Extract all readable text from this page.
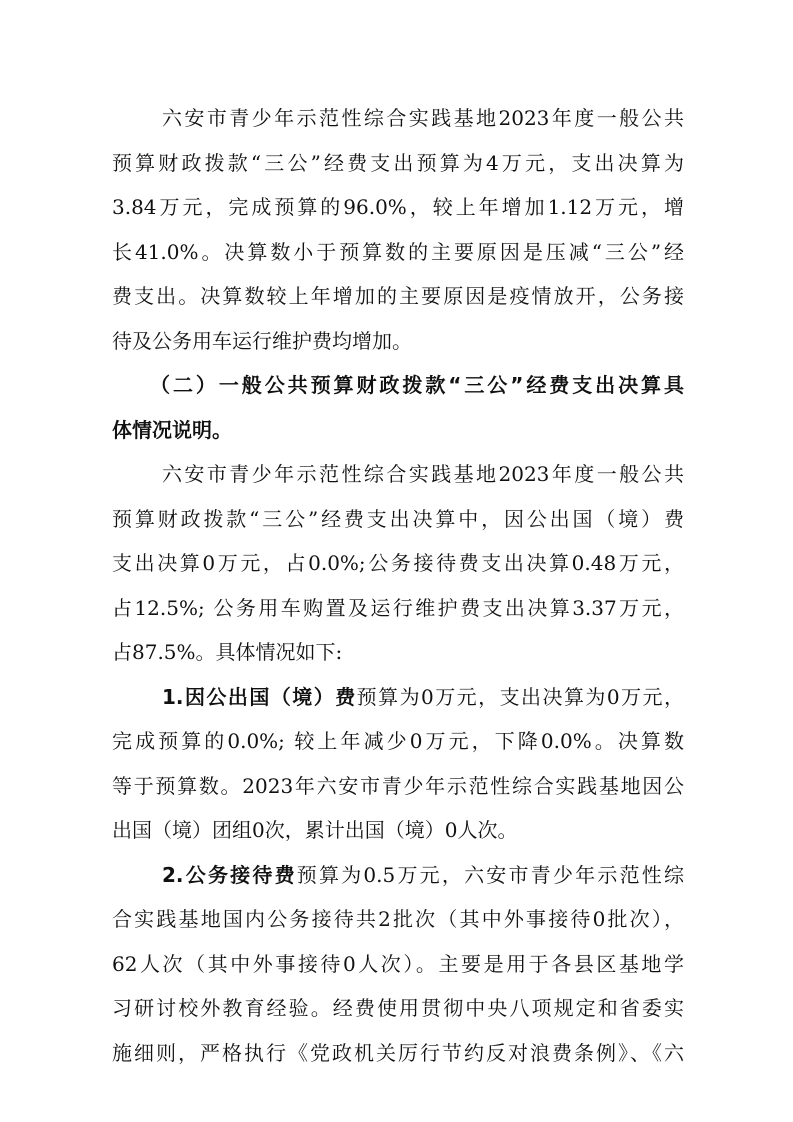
六安市青少年示范性综合实践基地2023年度一般公共
预算财政拨款“三公”经费支出预算为4万元，支出决算为
3.84万元，完成预算的96.0%，较上年增加1.12万元，增
长41.0%。决算数小于预算数的主要原因是压减“三公”经
费支出。决算数较上年增加的主要原因是疫情放开，公务接
待及公务用车运行维护费均增加。
（二）一般公共预算财政拨款“三公”经费支出决算具
体情况说明。
六安市青少年示范性综合实践基地2023年度一般公共
预算财政拨款“三公”经费支出决算中，因公出国（境）费
支出决算0万元，占0.0%;公务接待费支出决算0.48万元，
占12.5%; 公务用车购置及运行维护费支出决算3.37万元，
占87.5%。具体情况如下:
1.因公出国（境）费预算为0万元，支出决算为0万元，
完成预算的0.0%; 较上年减少0万元，下降0.0%。决算数
等于预算数。2023年六安市青少年示范性综合实践基地因公
出国（境）团组0次，累计出国（境）0人次。
2.公务接待费预算为0.5万元，六安市青少年示范性综
合实践基地国内公务接待共2批次（其中外事接待0批次），
62人次（其中外事接待0人次）。主要是用于各县区基地学
习研讨校外教育经验。经费使用贯彻中央八项规定和省委实
施细则，严格执行《党政机关厉行节约反对浪费条例》、《六
